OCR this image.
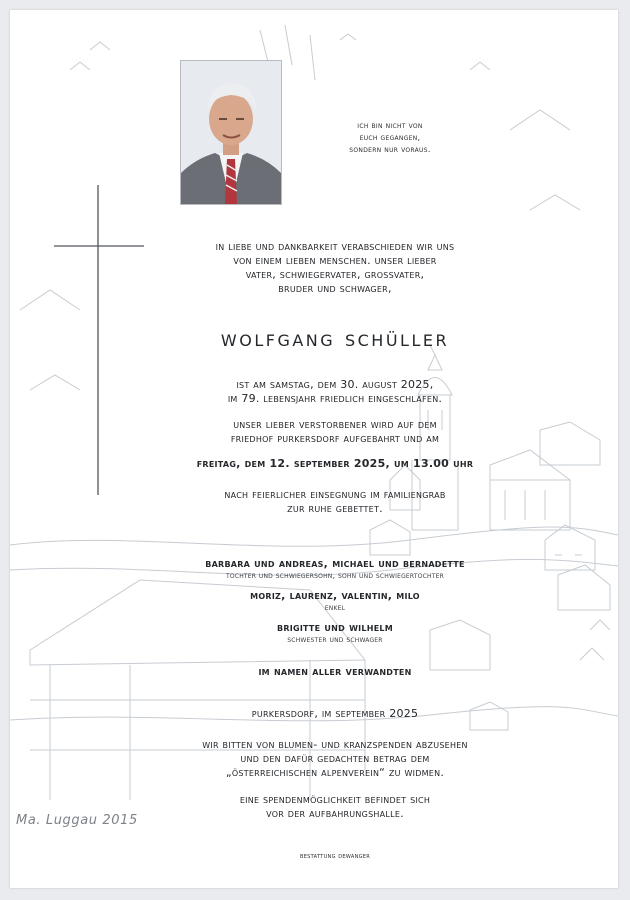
ich bin nicht von
euch gegangen,
sondern nur voraus.
in liebe und dankbarkeit verabschieden wir uns
von einem lieben menschen. unser lieber
vater, schwiegervater, grossvater,
bruder und schwager,
wolfgang schüller
ist am samstag, dem 30. august 2025,
im 79. lebensjahr friedlich eingeschlafen.
unser lieber verstorbener wird auf dem
friedhof purkersdorf aufgebahrt und am
freitag, dem 12. september 2025, um 13.00 uhr
nach feierlicher einsegnung im familiengrab
zur ruhe gebettet.
barbara und andreas, michael und bernadette
tochter und schwiegersohn, sohn und schwiegertochter
moriz, laurenz, valentin, milo
enkel
brigitte und wilhelm
schwester und schwager
im namen aller verwandten
purkersdorf, im september 2025
wir bitten von blumen- und kranzspenden abzusehen
und den dafür gedachten betrag dem
„österreichischen alpenverein“ zu widmen.
eine spendenmöglichkeit befindet sich
vor der aufbahrungshalle.
Ma. Luggau 2015
bestattung dewanger
